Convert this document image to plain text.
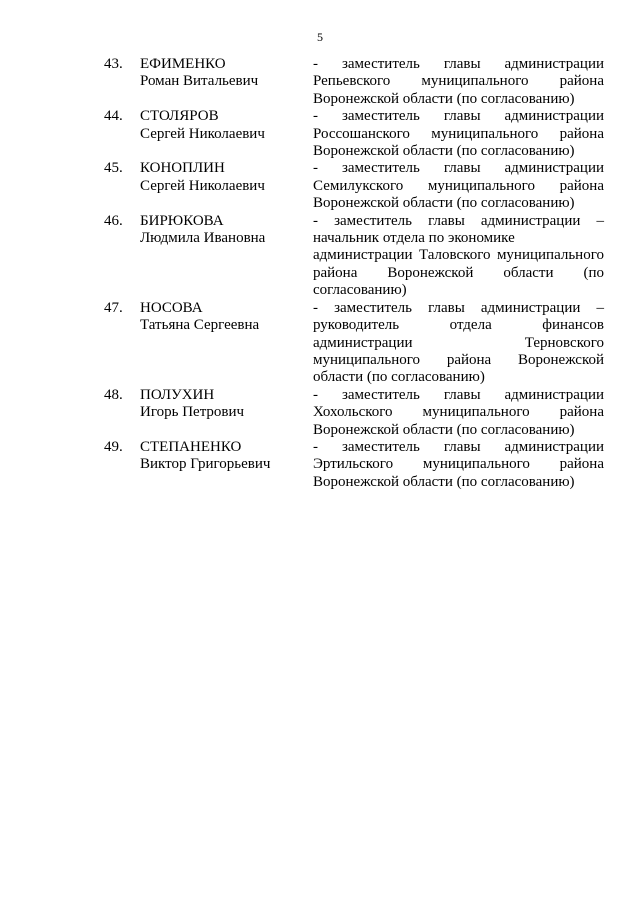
5
43. ЕФИМЕНКО
Роман Витальевич
- заместитель главы администрации
Репьевского муниципального района
Воронежской области (по согласованию)
44. СТОЛЯРОВ
Сергей Николаевич
- заместитель главы администрации
Россошанского муниципального района
Воронежской области (по согласованию)
45. КОНОПЛИН
Сергей Николаевич
- заместитель главы администрации
Семилукского муниципального района
Воронежской области (по согласованию)
46. БИРЮКОВА
Людмила Ивановна
- заместитель главы администрации –
начальник отдела по экономике
администрации Таловского муниципального
района Воронежской области (по
согласованию)
47. НОСОВА
Татьяна Сергеевна
- заместитель главы администрации –
руководитель отдела финансов
администрации Терновского
муниципального района Воронежской
области (по согласованию)
48. ПОЛУХИН
Игорь Петрович
- заместитель главы администрации
Хохольского муниципального района
Воронежской области (по согласованию)
49. СТЕПАНЕНКО
Виктор Григорьевич
- заместитель главы администрации
Эртильского муниципального района
Воронежской области (по согласованию)
